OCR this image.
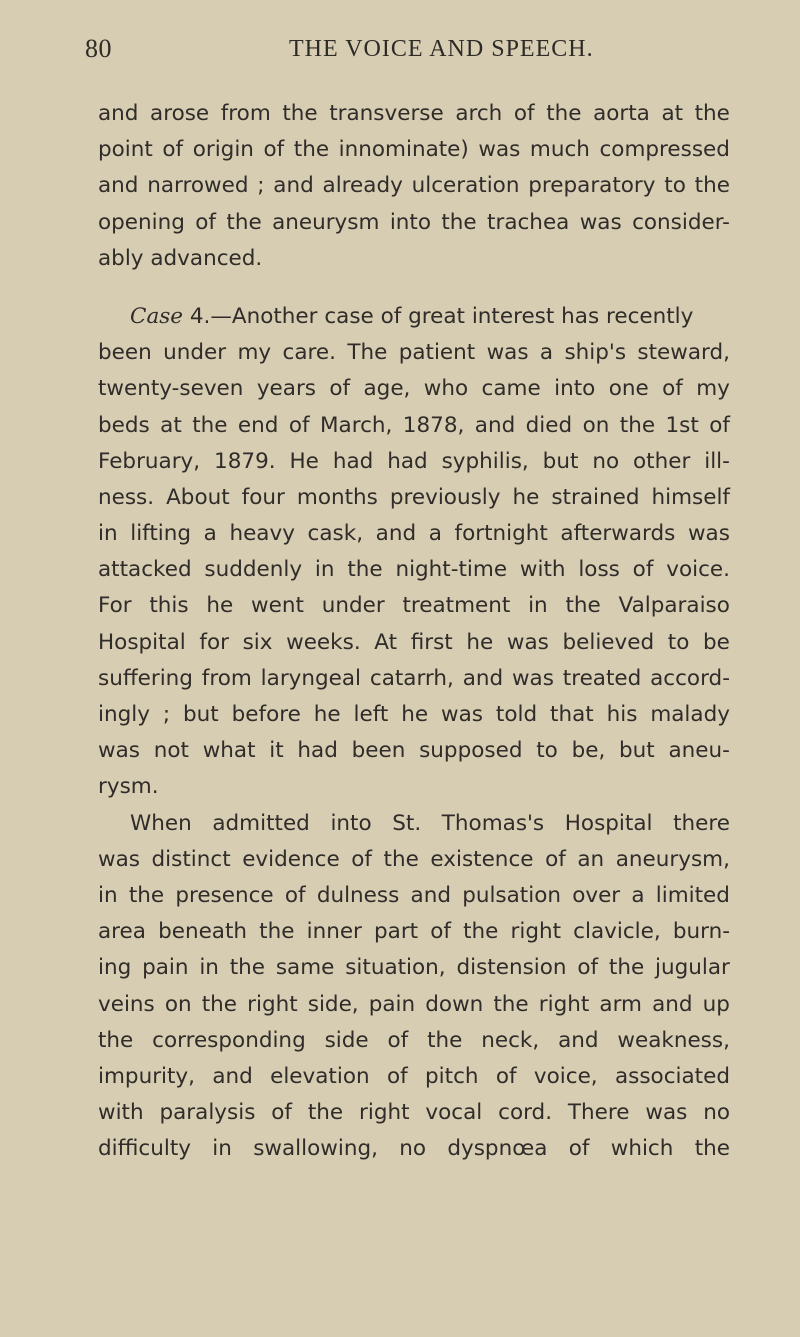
80	THE VOICE AND SPEECH.
and arose from the transverse arch of the aorta at the
point of origin of the innominate) was much compressed
and narrowed ; and already ulceration preparatory to the
opening of the aneurysm into the trachea was consider-
ably advanced.
Case 4.—Another case of great interest has recently
been under my care. The patient was a ship's steward,
twenty-seven years of age, who came into one of my
beds at the end of March, 1878, and died on the 1st of
February, 1879. He had had syphilis, but no other ill-
ness. About four months previously he strained himself
in lifting a heavy cask, and a fortnight afterwards was
attacked suddenly in the night-time with loss of voice.
For this he went under treatment in the Valparaiso
Hospital for six weeks. At first he was believed to be
suffering from laryngeal catarrh, and was treated accord-
ingly ; but before he left he was told that his malady
was not what it had been supposed to be, but aneu-
rysm.
When admitted into St. Thomas's Hospital there
was distinct evidence of the existence of an aneurysm,
in the presence of dulness and pulsation over a limited
area beneath the inner part of the right clavicle, burn-
ing pain in the same situation, distension of the jugular
veins on the right side, pain down the right arm and up
the corresponding side of the neck, and weakness,
impurity, and elevation of pitch of voice, associated
with paralysis of the right vocal cord. There was no
difficulty in swallowing, no dyspnœa of which the
